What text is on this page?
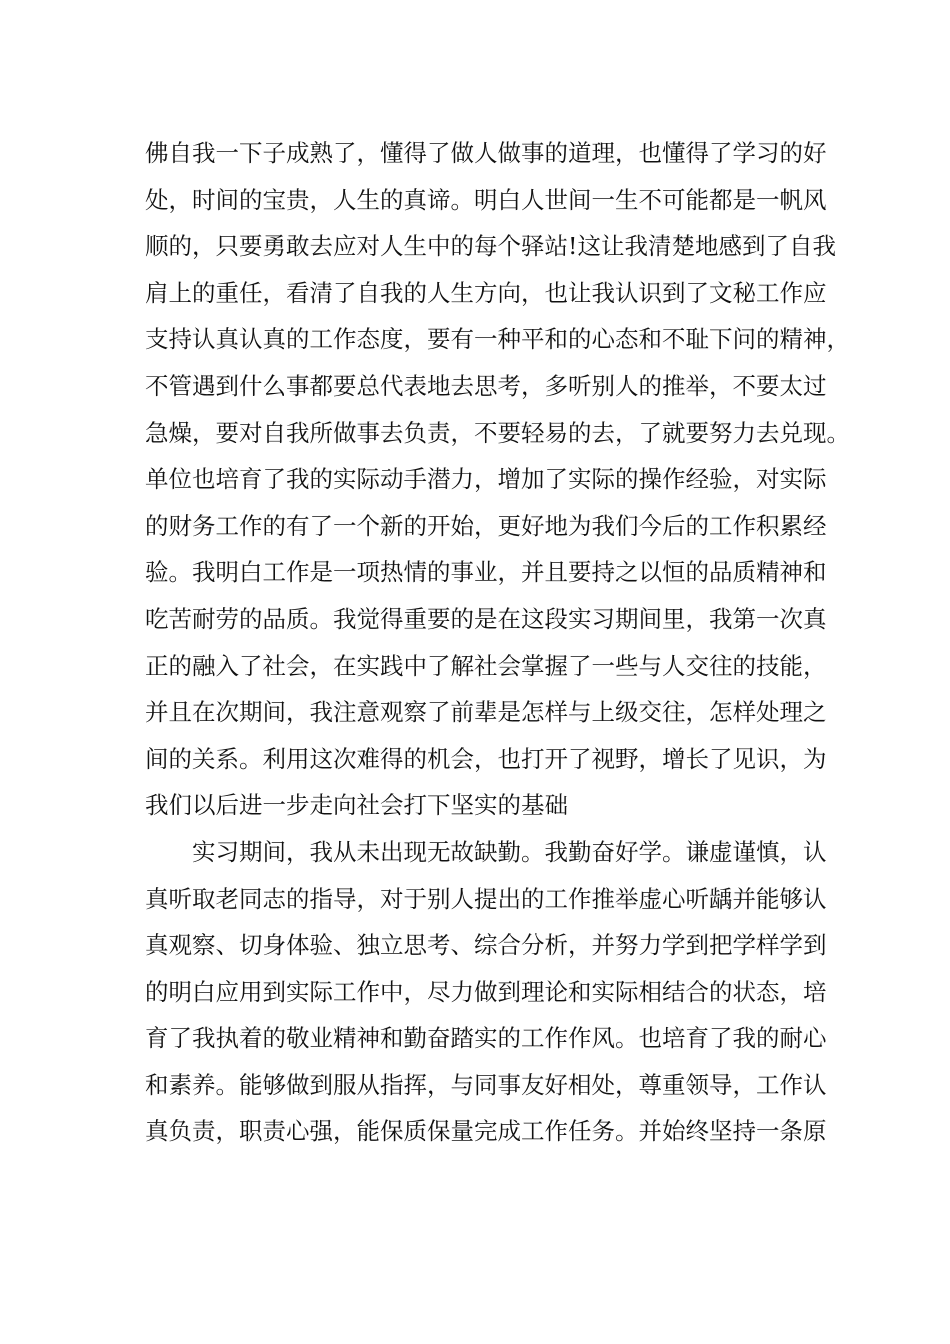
佛自我一下子成熟了，懂得了做人做事的道理，也懂得了学习的好
处，时间的宝贵，人生的真谛。明白人世间一生不可能都是一帆风
顺的，只要勇敢去应对人生中的每个驿站!这让我清楚地感到了自我
肩上的重任，看清了自我的人生方向，也让我认识到了文秘工作应
支持认真认真的工作态度，要有一种平和的心态和不耻下问的精神，
不管遇到什么事都要总代表地去思考，多听别人的推举，不要太过
急燥，要对自我所做事去负责，不要轻易的去，了就要努力去兑现。
单位也培育了我的实际动手潜力，增加了实际的操作经验，对实际
的财务工作的有了一个新的开始，更好地为我们今后的工作积累经
验。我明白工作是一项热情的事业，并且要持之以恒的品质精神和
吃苦耐劳的品质。我觉得重要的是在这段实习期间里，我第一次真
正的融入了社会，在实践中了解社会掌握了一些与人交往的技能，
并且在次期间，我注意观察了前辈是怎样与上级交往，怎样处理之
间的关系。利用这次难得的机会，也打开了视野，增长了见识，为
我们以后进一步走向社会打下坚实的基础
实习期间，我从未出现无故缺勤。我勤奋好学。谦虚谨慎，认
真听取老同志的指导，对于别人提出的工作推举虚心听龋并能够认
真观察、切身体验、独立思考、综合分析，并努力学到把学样学到
的明白应用到实际工作中，尽力做到理论和实际相结合的状态，培
育了我执着的敬业精神和勤奋踏实的工作作风。也培育了我的耐心
和素养。能够做到服从指挥，与同事友好相处，尊重领导，工作认
真负责，职责心强，能保质保量完成工作任务。并始终坚持一条原
